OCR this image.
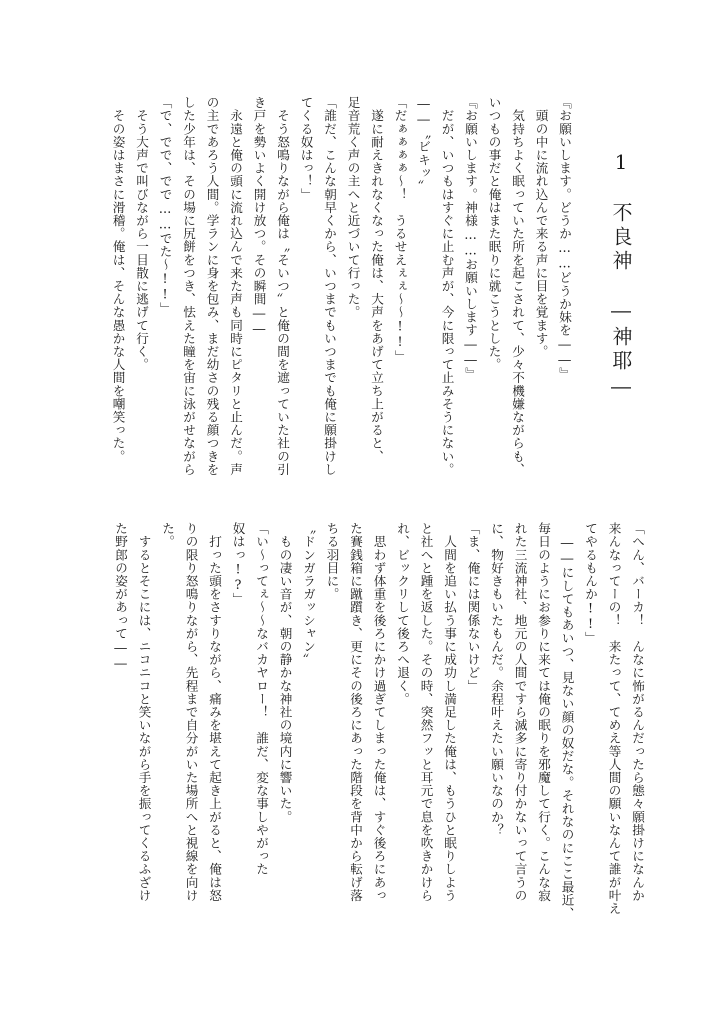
1　不良神　―神耶―
『お願いします。どうか……どうか妹を――』
　頭の中に流れ込んで来る声に目を覚ます。
　気持ちよく眠っていた所を起こされて、少々不機嫌ながらも、
いつもの事だと俺はまた眠りに就こうとした。
『お願いします。神様……お願いします――』
　だが、いつもはすぐに止む声が、今に限って止みそうにない。
――〝ビキッ〟
「だぁぁぁぁ～！　うるせえぇぇ～～!!」
　遂に耐えきれなくなった俺は、大声をあげて立ち上がると、
足音荒く声の主へと近づいて行った。
「誰だ、こんな朝早くから、いつまでもいつまでも俺に願掛けし
てくる奴はっ！」
　そう怒鳴りながら俺は〝そいつ〟と俺の間を遮っていた社の引
き戸を勢いよく開け放つ。その瞬間――
　永遠と俺の頭に流れ込んで来た声も同時にピタリと止んだ。声
の主であろう人間。学ランに身を包み、まだ幼さの残る顔つきを
した少年は、その場に尻餅をつき、怯えた瞳を宙に泳がせながら
「で、でで、でで……でた～!!」
　そう大声で叫びながら一目散に逃げて行く。
　その姿はまさに滑稽。俺は、そんな愚かな人間を嘲笑った。
「へん、バーカ！　んなに怖がるんだったら態々願掛けになんか
来んなってーの！　来たって、てめえ等人間の願いなんて誰が叶え
てやるもんか!!」
　――にしてもあいつ、見ない顔の奴だな。それなのにここ最近、
毎日のようにお参りに来ては俺の眠りを邪魔して行く。こんな寂
れた三流神社、地元の人間ですら滅多に寄り付かないって言うの
に、物好きもいたもんだ。余程叶えたい願いなのか？
「ま、俺には関係ないけど」
　人間を追い払う事に成功し満足した俺は、もうひと眠りしよう
と社へと踵を返した。その時、突然フッと耳元で息を吹きかけら
れ、ビックリして後ろへ退く。
　思わず体重を後ろにかけ過ぎてしまった俺は、すぐ後ろにあっ
た賽銭箱に蹴躓き、更にその後ろにあった階段を背中から転げ落
ちる羽目に。
〝ドンガラガッシャン〟
　もの凄い音が、朝の静かな神社の境内に響いた。
「い～ってぇ～～なバカヤロー！　誰だ、変な事しやがった
奴はっ!?」
　打った頭をさすりながら、痛みを堪えて起き上がると、俺は怒
りの限り怒鳴りながら、先程まで自分がいた場所へと視線を向け
た。
　するとそこには、ニコニコと笑いながら手を振ってくるふざけ
た野郎の姿があって――
